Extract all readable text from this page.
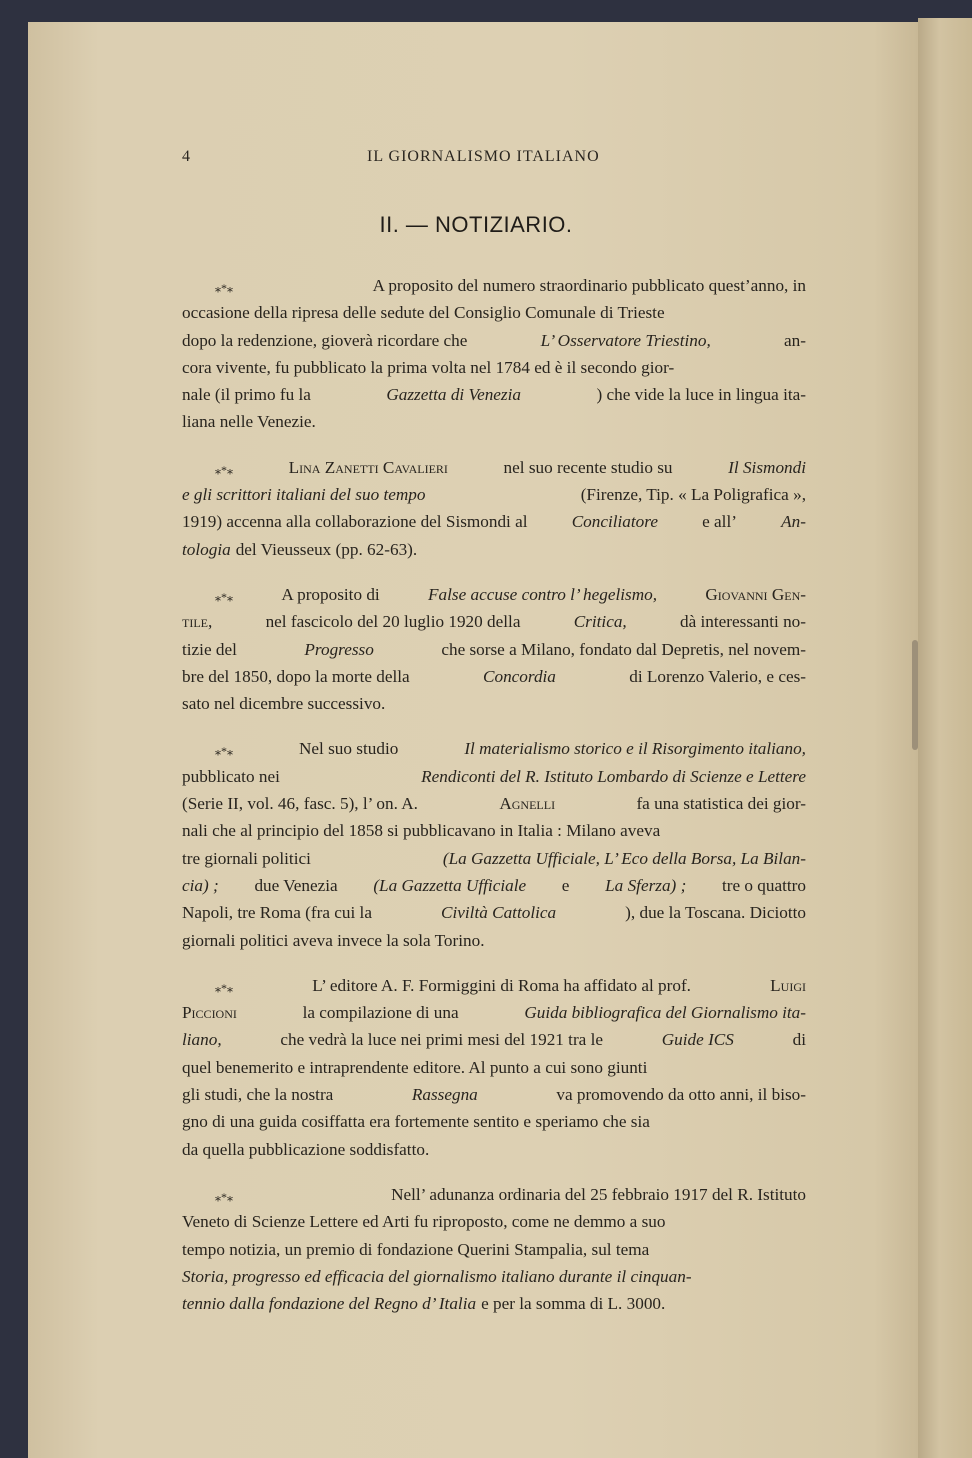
4	IL GIORNALISMO ITALIANO
II. — NOTIZIARIO.
⁎*⁎	A proposito del numero straordinario pubblicato quest’anno, in
occasione della ripresa delle sedute del Consiglio Comunale di Trieste
dopo la redenzione, gioverà ricordare che	L’ Osservatore Triestino,	an-
cora vivente, fu pubblicato la prima volta nel 1784 ed è il secondo gior-
nale (il primo fu la	Gazzetta di Venezia	) che vide la luce in lingua ita-
liana nelle Venezie.
⁎*⁎	Lina Zanetti Cavalieri	nel suo recente studio su	Il Sismondi
e gli scrittori italiani del suo tempo	(Firenze, Tip. « La Poligrafica »,
1919) accenna alla collaborazione del Sismondi al	Conciliatore	e all’	An-
tologia del Vieusseux (pp. 62-63).
⁎*⁎	A proposito di	False accuse contro l’ hegelismo,	Giovanni Gen-
tile,	nel fascicolo del 20 luglio 1920 della	Critica,	dà interessanti no-
tizie del	Progresso	che sorse a Milano, fondato dal Depretis, nel novem-
bre del 1850, dopo la morte della	Concordia	di Lorenzo Valerio, e ces-
sato nel dicembre successivo.
⁎*⁎	Nel suo studio	Il materialismo storico e il Risorgimento italiano,
pubblicato nei	Rendiconti del R. Istituto Lombardo di Scienze e Lettere
(Serie II, vol. 46, fasc. 5), l’ on. A.	Agnelli	fa una statistica dei gior-
nali che al principio del 1858 si pubblicavano in Italia : Milano aveva
tre giornali politici	(La Gazzetta Ufficiale, L’ Eco della Borsa, La Bilan-
cia) ; due Venezia (La Gazzetta Ufficiale e La Sferza) ; tre o quattro
Napoli, tre Roma (fra cui la	Civiltà Cattolica	), due la Toscana. Diciotto
giornali politici aveva invece la sola Torino.
⁎*⁎	L’ editore A. F. Formiggini di Roma ha affidato al prof.	Luigi
Piccioni	la compilazione di una	Guida bibliografica del Giornalismo ita-
liano,	che vedrà la luce nei primi mesi del 1921 tra le	Guide ICS	di
quel benemerito e intraprendente editore. Al punto a cui sono giunti
gli studi, che la nostra	Rassegna	va promovendo da otto anni, il biso-
gno di una guida cosiffatta era fortemente sentito e speriamo che sia
da quella pubblicazione soddisfatto.
⁎*⁎	Nell’ adunanza ordinaria del 25 febbraio 1917 del R. Istituto
Veneto di Scienze Lettere ed Arti fu riproposto, come ne demmo a suo
tempo notizia, un premio di fondazione Querini Stampalia, sul tema
Storia, progresso ed efficacia del giornalismo italiano durante il cinquan-
tennio dalla fondazione del Regno d’ Italia e per la somma di L. 3000.
